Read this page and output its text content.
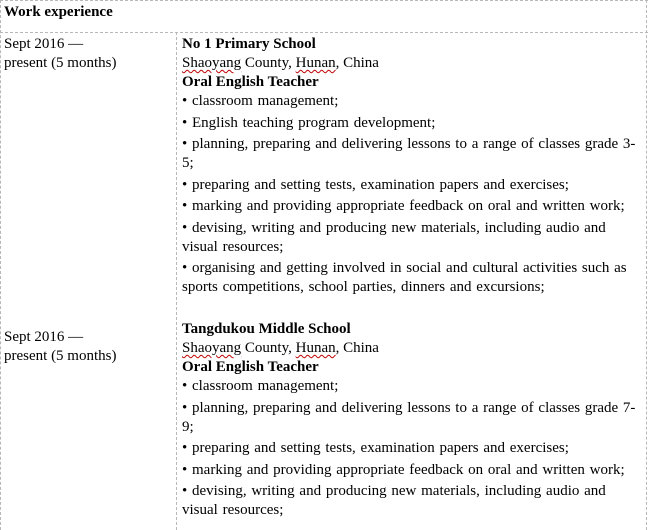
Work experience
Sept 2016 —
present (5 months)
No 1 Primary School
Shaoyang County, Hunan, China
Oral English Teacher
• classroom management;
• English teaching program development;
• planning, preparing and delivering lessons to a range of classes grade 3-5;
• preparing and setting tests, examination papers and exercises;
• marking and providing appropriate feedback on oral and written work;
• devising, writing and producing new materials, including audio and visual resources;
• organising and getting involved in social and cultural activities such as sports competitions, school parties, dinners and excursions;
Sept 2016 —
present (5 months)
Tangdukou Middle School
Shaoyang County, Hunan, China
Oral English Teacher
• classroom management;
• planning, preparing and delivering lessons to a range of classes grade 7-9;
• preparing and setting tests, examination papers and exercises;
• marking and providing appropriate feedback on oral and written work;
• devising, writing and producing new materials, including audio and visual resources;
